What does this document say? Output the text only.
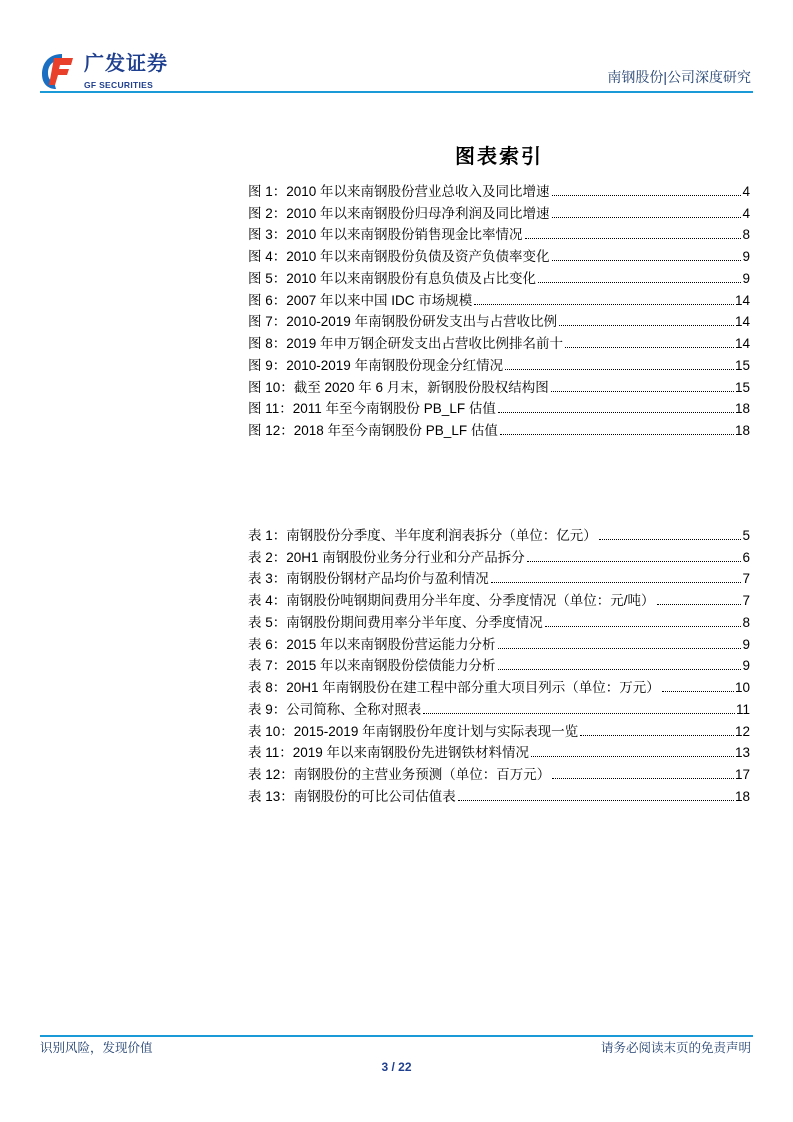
广发证券
GF SECURITIES	南钢股份|公司深度研究
图表索引
图 1：2010 年以来南钢股份营业总收入及同比增速	4
图 2：2010 年以来南钢股份归母净利润及同比增速	4
图 3：2010 年以来南钢股份销售现金比率情况	8
图 4：2010 年以来南钢股份负债及资产负债率变化	9
图 5：2010 年以来南钢股份有息负债及占比变化	9
图 6：2007 年以来中国 IDC 市场规模	14
图 7：2010-2019 年南钢股份研发支出与占营收比例	14
图 8：2019 年申万钢企研发支出占营收比例排名前十	14
图 9：2010-2019 年南钢股份现金分红情况	15
图 10：截至 2020 年 6 月末，新钢股份股权结构图	15
图 11：2011 年至今南钢股份 PB_LF 估值	18
图 12：2018 年至今南钢股份 PB_LF 估值	18
表 1：南钢股份分季度、半年度利润表拆分（单位：亿元）	5
表 2：20H1 南钢股份业务分行业和分产品拆分	6
表 3：南钢股份钢材产品均价与盈利情况	7
表 4：南钢股份吨钢期间费用分半年度、分季度情况（单位：元/吨）	7
表 5：南钢股份期间费用率分半年度、分季度情况	8
表 6：2015 年以来南钢股份营运能力分析	9
表 7：2015 年以来南钢股份偿债能力分析	9
表 8：20H1 年南钢股份在建工程中部分重大项目列示（单位：万元）	10
表 9：公司简称、全称对照表	11
表 10：2015-2019 年南钢股份年度计划与实际表现一览	12
表 11：2019 年以来南钢股份先进钢铁材料情况	13
表 12：南钢股份的主营业务预测（单位：百万元）	17
表 13：南钢股份的可比公司估值表	18
识别风险，发现价值	请务必阅读末页的免责声明
3 / 22
